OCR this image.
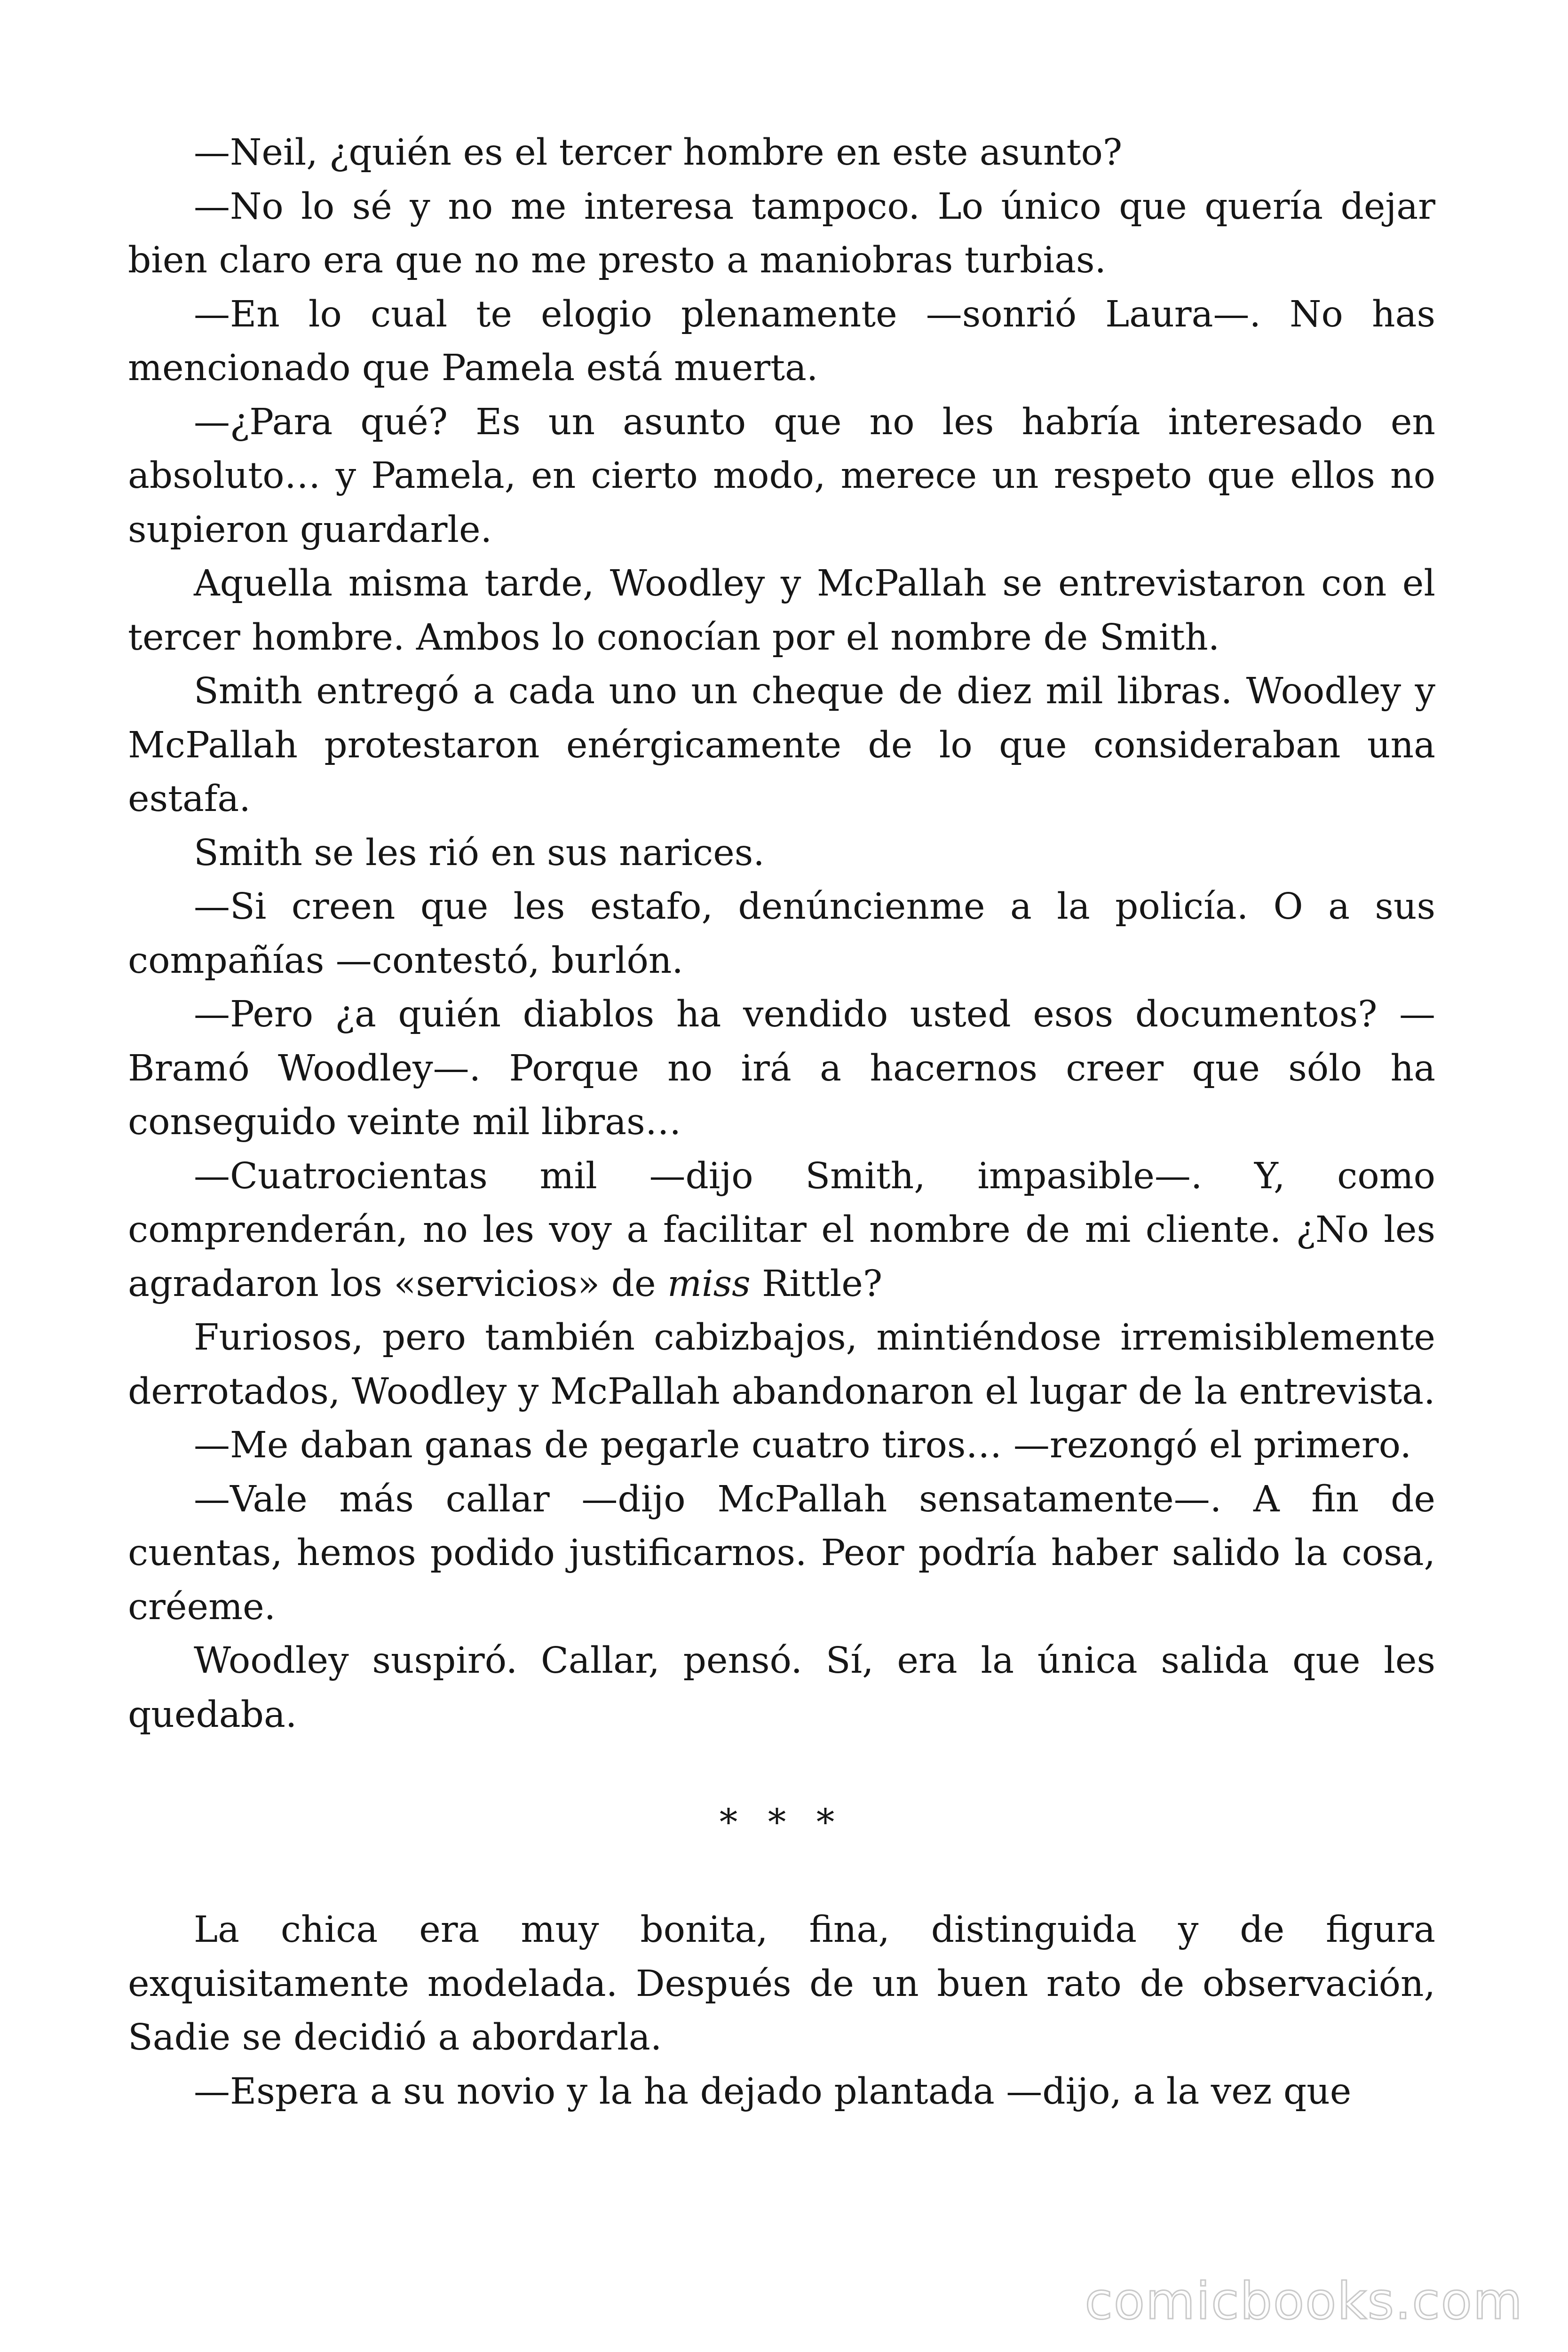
—Neil, ¿quién es el tercer hombre en este asunto?

—No lo sé y no me interesa tampoco. Lo único que quería dejar bien claro era que no me presto a maniobras turbias.

—En lo cual te elogio plenamente —sonrió Laura—. No has mencionado que Pamela está muerta.

—¿Para qué? Es un asunto que no les habría interesado en absoluto… y Pamela, en cierto modo, merece un respeto que ellos no supieron guardarle.

Aquella misma tarde, Woodley y McPallah se entrevistaron con el tercer hombre. Ambos lo conocían por el nombre de Smith.

Smith entregó a cada uno un cheque de diez mil libras. Woodley y McPallah protestaron enérgicamente de lo que consideraban una estafa.

Smith se les rió en sus narices.

—Si creen que les estafo, denúncienme a la policía. O a sus compañías —contestó, burlón.

—Pero ¿a quién diablos ha vendido usted esos documentos? —Bramó Woodley—. Porque no irá a hacernos creer que sólo ha conseguido veinte mil libras…

—Cuatrocientas mil —dijo Smith, impasible—. Y, como comprenderán, no les voy a facilitar el nombre de mi cliente. ¿No les agradaron los «servicios» de miss Rittle?

Furiosos, pero también cabizbajos, mintiéndose irremisiblemente derrotados, Woodley y McPallah abandonaron el lugar de la entrevista.

—Me daban ganas de pegarle cuatro tiros… —rezongó el primero.

—Vale más callar —dijo McPallah sensatamente—. A fin de cuentas, hemos podido justificarnos. Peor podría haber salido la cosa, créeme.

Woodley suspiró. Callar, pensó. Sí, era la única salida que les quedaba.

* * *

La chica era muy bonita, fina, distinguida y de figura exquisitamente modelada. Después de un buen rato de observación, Sadie se decidió a abordarla.

—Espera a su novio y la ha dejado plantada —dijo, a la vez que

comicbooks.com
